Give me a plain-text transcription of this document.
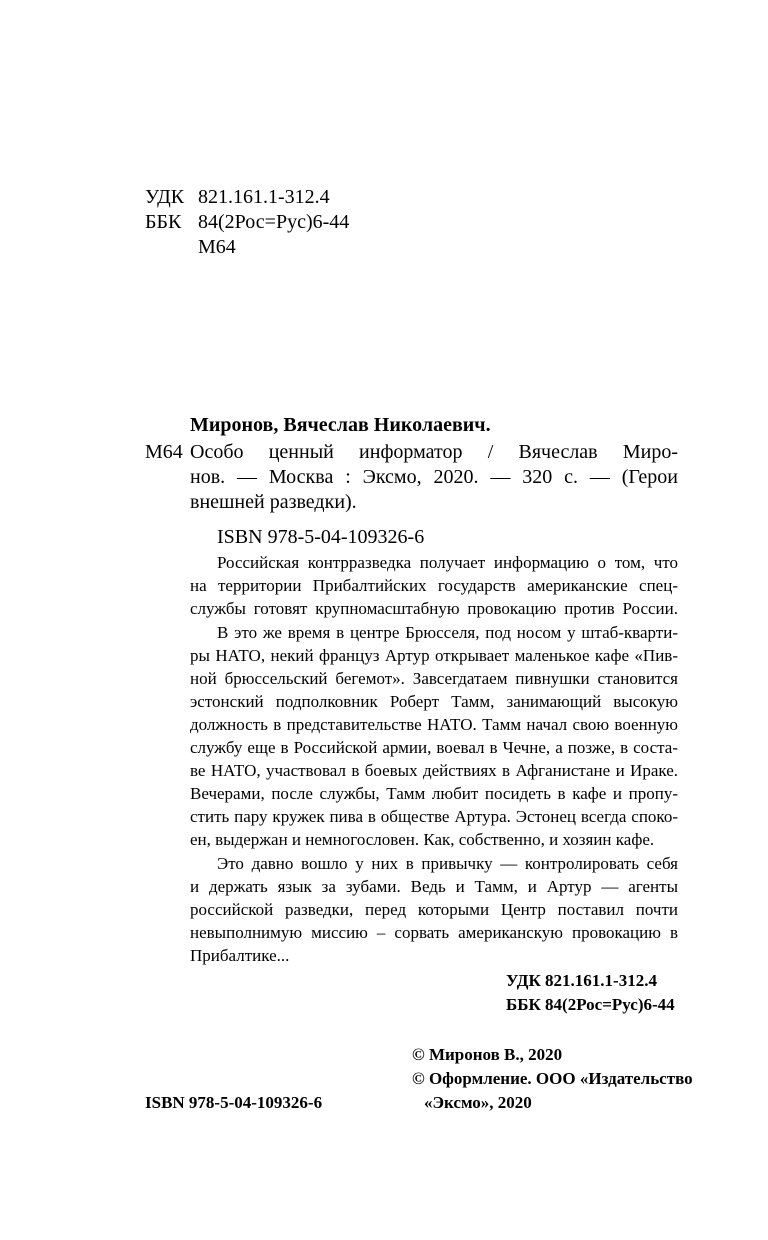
УДК 821.161.1-312.4
ББК 84(2Рос=Рус)6-44
М64
Миронов, Вячеслав Николаевич.
М64 Особо ценный информатор / Вячеслав Миро-
нов. — Москва : Эксмо, 2020. — 320 с. — (Герои
внешней разведки).
ISBN 978-5-04-109326-6
Российская контрразведка получает информацию о том, что
на территории Прибалтийских государств американские спец-
службы готовят крупномасштабную провокацию против России.
В это же время в центре Брюсселя, под носом у штаб-кварти-
ры НАТО, некий француз Артур открывает маленькое кафе «Пив-
ной брюссельский бегемот». Завсегдатаем пивнушки становится
эстонский подполковник Роберт Тамм, занимающий высокую
должность в представительстве НАТО. Тамм начал свою военную
службу еще в Российской армии, воевал в Чечне, а позже, в соста-
ве НАТО, участвовал в боевых действиях в Афганистане и Ираке.
Вечерами, после службы, Тамм любит посидеть в кафе и пропу-
стить пару кружек пива в обществе Артура. Эстонец всегда споко-
ен, выдержан и немногословен. Как, собственно, и хозяин кафе.
Это давно вошло у них в привычку — контролировать себя
и держать язык за зубами. Ведь и Тамм, и Артур — агенты
российской разведки, перед которыми Центр поставил почти
невыполнимую миссию – сорвать американскую провокацию в
Прибалтике...
УДК 821.161.1-312.4
ББК 84(2Рос=Рус)6-44
© Миронов В., 2020
© Оформление. ООО «Издательство
ISBN 978-5-04-109326-6	«Эксмо», 2020
